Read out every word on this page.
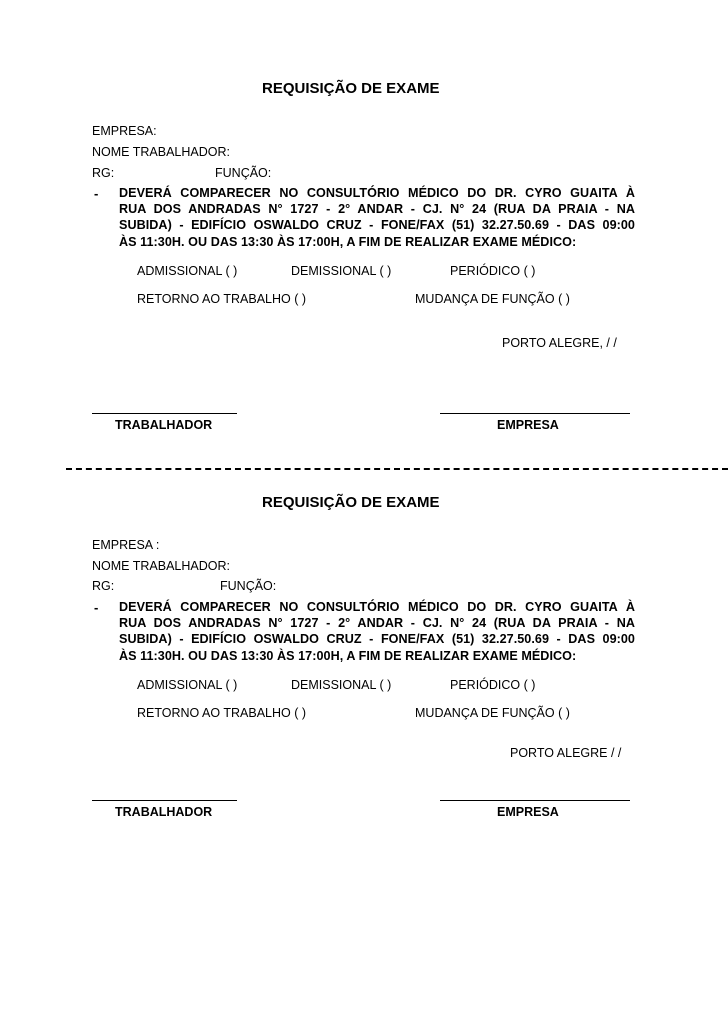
REQUISIÇÃO DE EXAME
EMPRESA:
NOME TRABALHADOR:
RG:	FUNÇÃO:
- DEVERÁ COMPARECER NO CONSULTÓRIO MÉDICO DO DR. CYRO GUAITA À
RUA DOS ANDRADAS N° 1727 - 2° ANDAR - CJ. N° 24 (RUA DA PRAIA - NA
SUBIDA) - EDIFÍCIO OSWALDO CRUZ - FONE/FAX (51) 32.27.50.69 - DAS 09:00
ÀS 11:30H. OU DAS 13:30 ÀS 17:00H, A FIM DE REALIZAR EXAME MÉDICO:
ADMISSIONAL ( )	DEMISSIONAL ( )	PERIÓDICO ( )
RETORNO AO TRABALHO ( )	MUDANÇA DE FUNÇÃO ( )
PORTO ALEGRE, / /
TRABALHADOR	EMPRESA
REQUISIÇÃO DE EXAME
EMPRESA :
NOME TRABALHADOR:
RG:	FUNÇÃO:
- DEVERÁ COMPARECER NO CONSULTÓRIO MÉDICO DO DR. CYRO GUAITA À
RUA DOS ANDRADAS N° 1727 - 2° ANDAR - CJ. N° 24 (RUA DA PRAIA - NA
SUBIDA) - EDIFÍCIO OSWALDO CRUZ - FONE/FAX (51) 32.27.50.69 - DAS 09:00
ÀS 11:30H. OU DAS 13:30 ÀS 17:00H, A FIM DE REALIZAR EXAME MÉDICO:
ADMISSIONAL ( )	DEMISSIONAL ( )	PERIÓDICO ( )
RETORNO AO TRABALHO ( )	MUDANÇA DE FUNÇÃO ( )
PORTO ALEGRE / /
TRABALHADOR	EMPRESA
